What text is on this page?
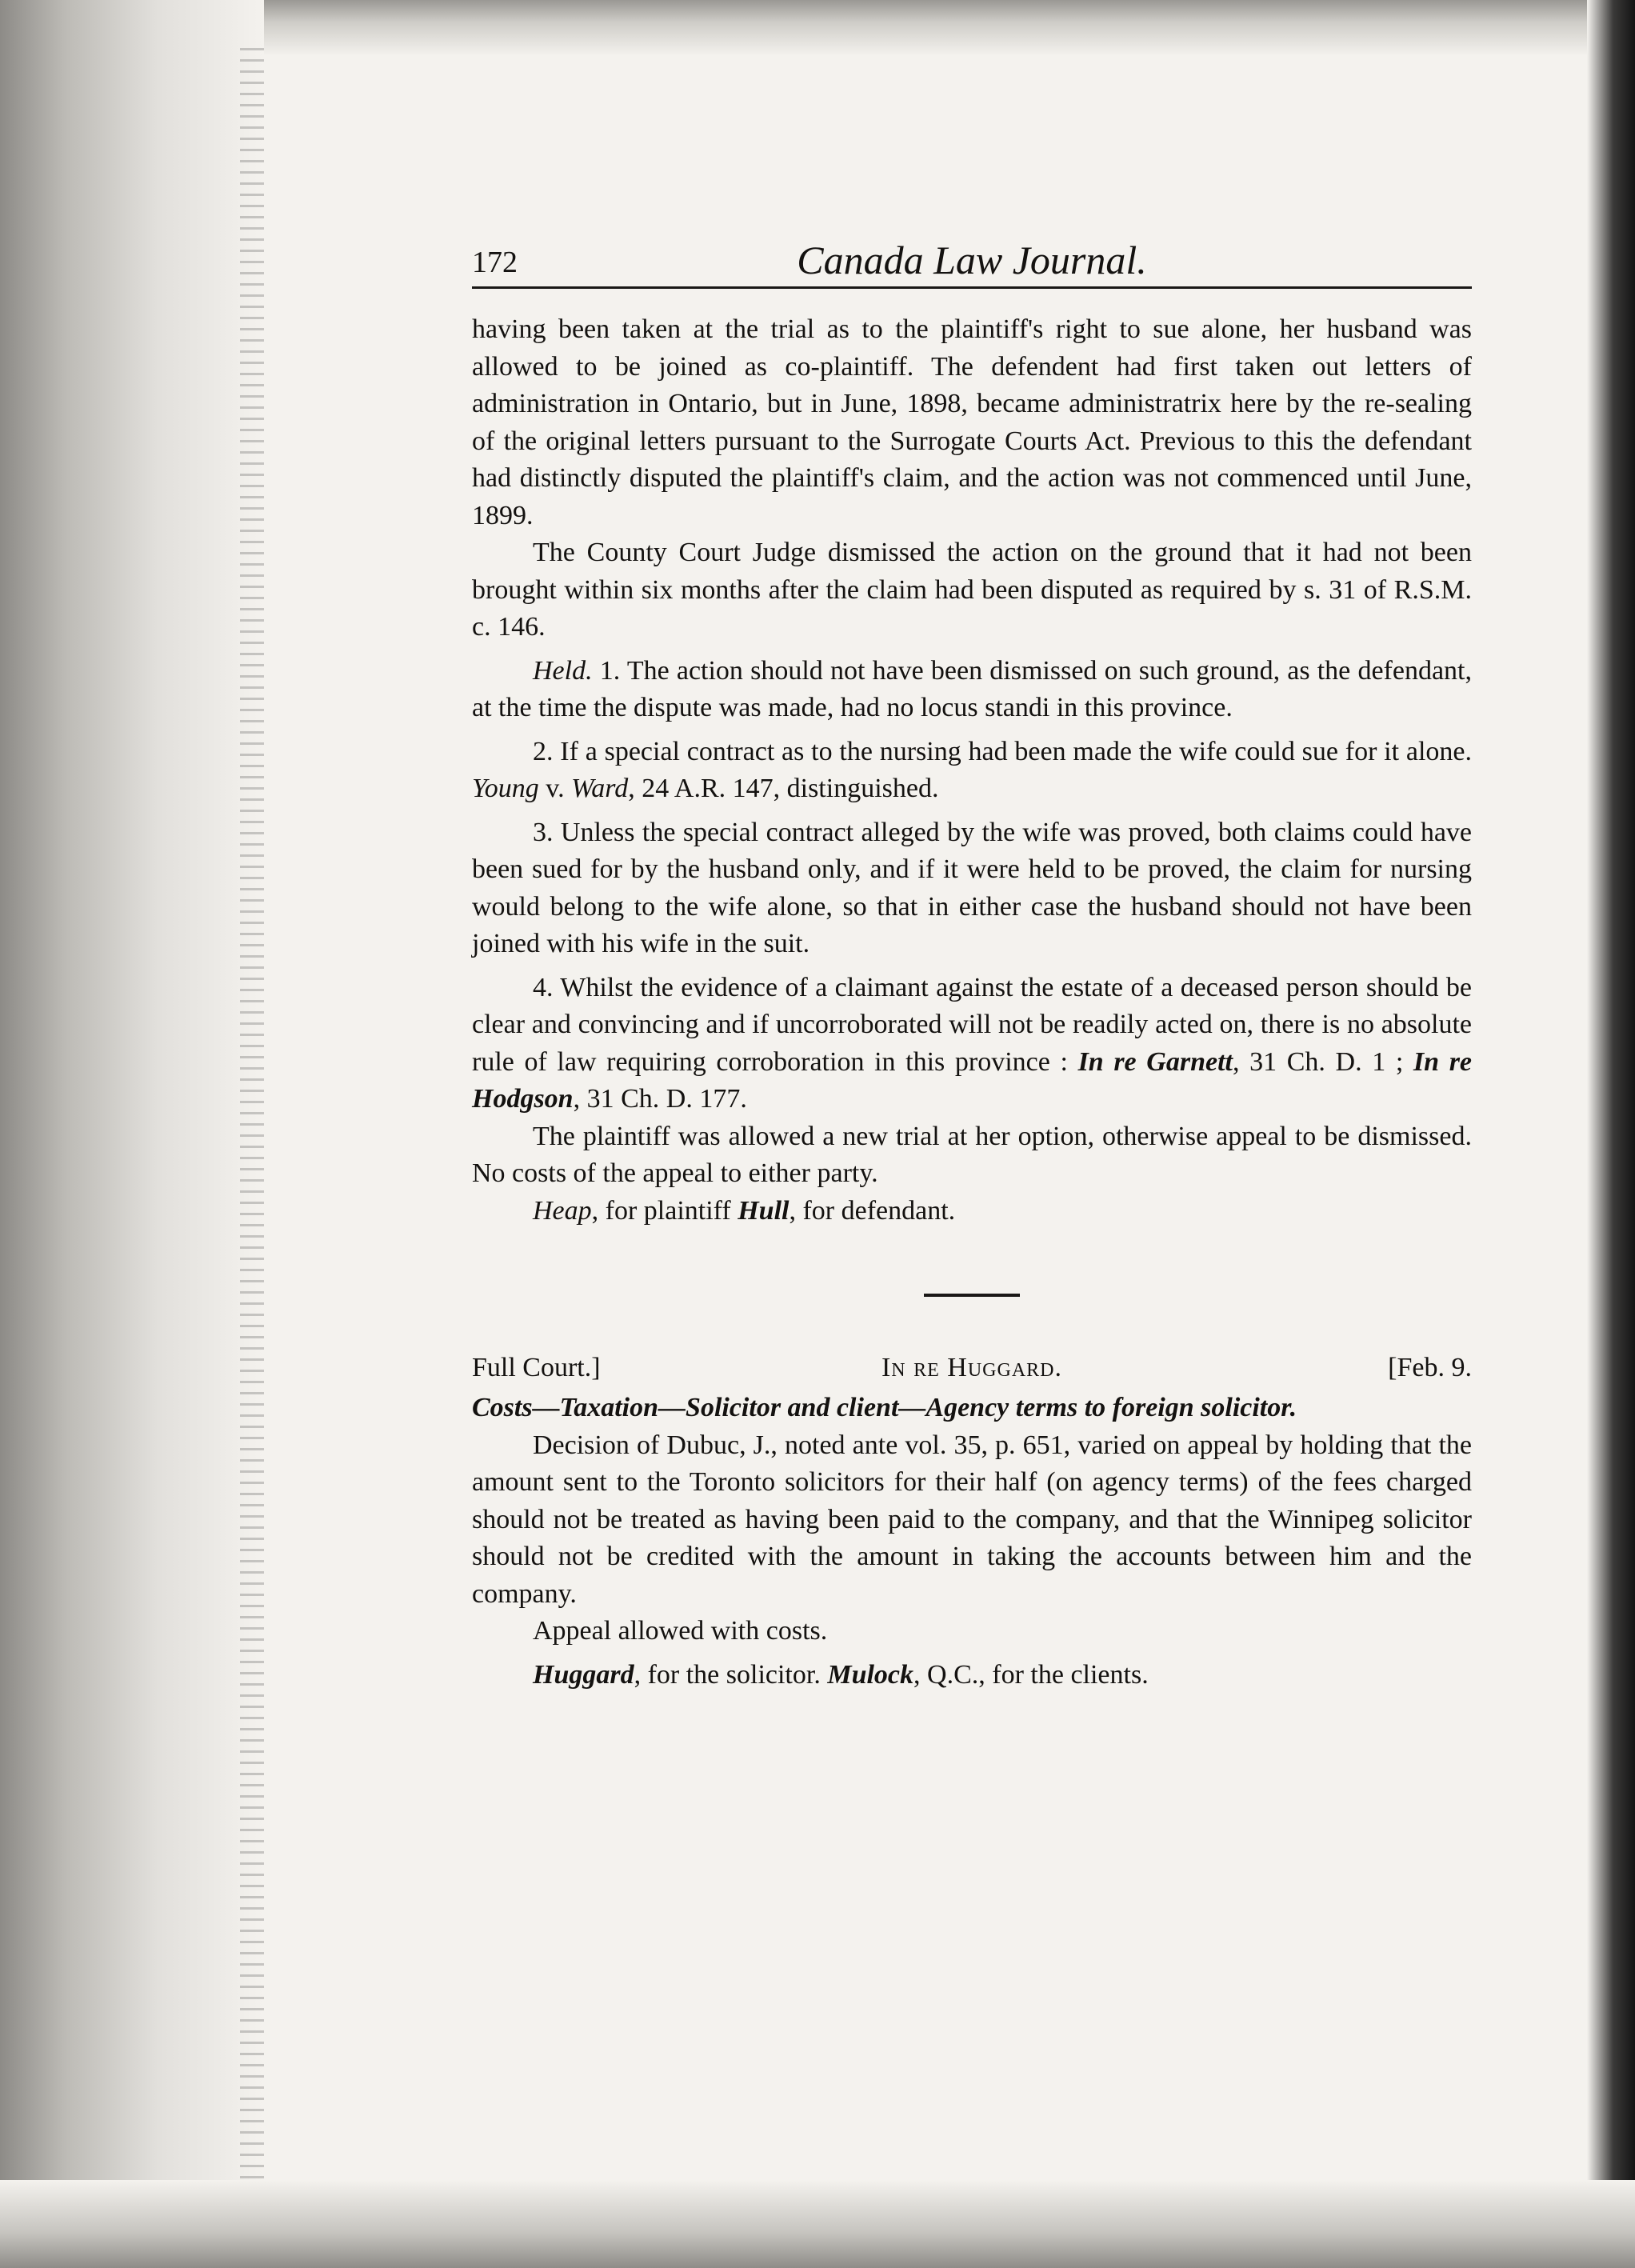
172	Canada Law Journal.

having been taken at the trial as to the plaintiff's right to sue alone, her husband was allowed to be joined as co-plaintiff. The defendent had first taken out letters of administration in Ontario, but in June, 1898, became administratrix here by the re-sealing of the original letters pursuant to the Surrogate Courts Act. Previous to this the defendant had distinctly disputed the plaintiff's claim, and the action was not commenced until June, 1899.

The County Court Judge dismissed the action on the ground that it had not been brought within six months after the claim had been disputed as required by s. 31 of R.S.M. c. 146.

Held. 1. The action should not have been dismissed on such ground, as the defendant, at the time the dispute was made, had no locus standi in this province.

2. If a special contract as to the nursing had been made the wife could sue for it alone. Young v. Ward, 24 A.R. 147, distinguished.

3. Unless the special contract alleged by the wife was proved, both claims could have been sued for by the husband only, and if it were held to be proved, the claim for nursing would belong to the wife alone, so that in either case the husband should not have been joined with his wife in the suit.

4. Whilst the evidence of a claimant against the estate of a deceased person should be clear and convincing and if uncorroborated will not be readily acted on, there is no absolute rule of law requiring corroboration in this province : In re Garnett, 31 Ch. D. 1 ; In re Hodgson, 31 Ch. D. 177.

The plaintiff was allowed a new trial at her option, otherwise appeal to be dismissed. No costs of the appeal to either party.

Heap, for plaintiff Hull, for defendant.

Full Court.]	In re Huggard.	[Feb. 9.

Costs—Taxation—Solicitor and client—Agency terms to foreign solicitor.

Decision of Dubuc, J., noted ante vol. 35, p. 651, varied on appeal by holding that the amount sent to the Toronto solicitors for their half (on agency terms) of the fees charged should not be treated as having been paid to the company, and that the Winnipeg solicitor should not be credited with the amount in taking the accounts between him and the company.

Appeal allowed with costs.

Huggard, for the solicitor. Mulock, Q.C., for the clients.
